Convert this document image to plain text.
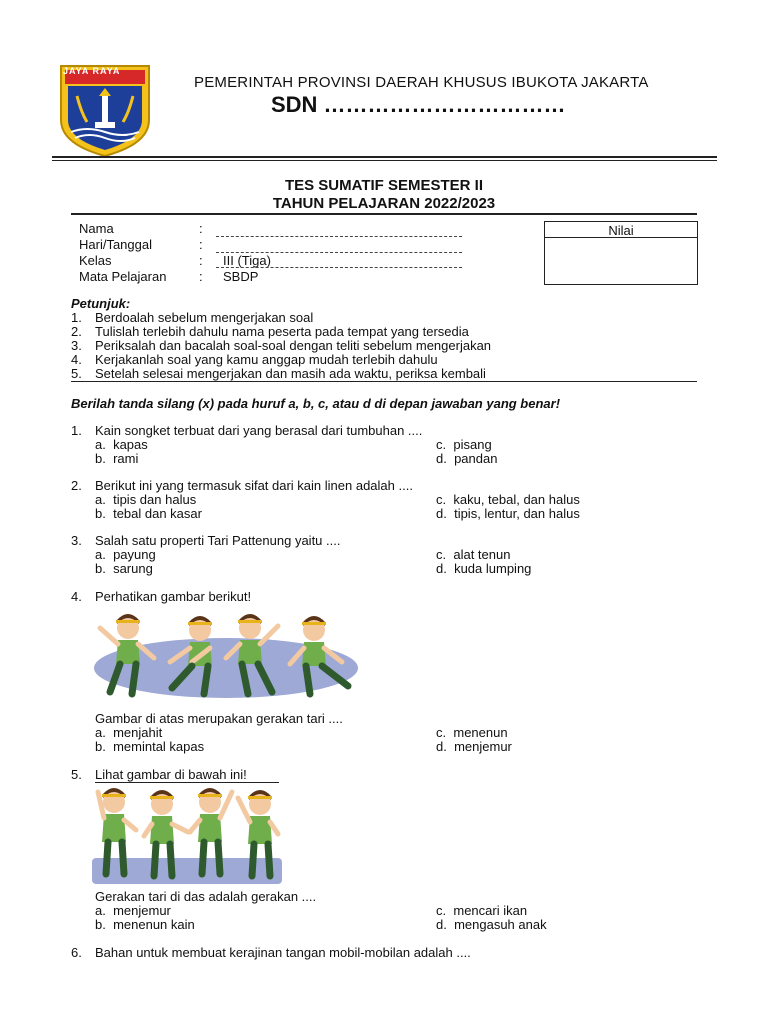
JAYA RAYA
PEMERINTAH PROVINSI DAERAH KHUSUS IBUKOTA JAKARTA
SDN ……………………………
TES SUMATIF SEMESTER II
TAHUN PELAJARAN 2022/2023
Nama	:
Hari/Tanggal	:
Kelas	: III (Tiga)
Mata Pelajaran	: SBDP
Nilai
Petunjuk:
1. Berdoalah sebelum mengerjakan soal
2. Tulislah terlebih dahulu nama peserta pada tempat yang tersedia
3. Periksalah dan bacalah soal-soal dengan teliti sebelum mengerjakan
4. Kerjakanlah soal yang kamu anggap mudah terlebih dahulu
5. Setelah selesai mengerjakan dan masih ada waktu, periksa kembali
Berilah tanda silang (x) pada huruf a, b, c, atau d di depan jawaban yang benar!
1. Kain songket terbuat dari yang berasal dari tumbuhan ....
a. kapas
b. rami
c. pisang
d. pandan
2. Berikut ini yang termasuk sifat dari kain linen adalah ....
a. tipis dan halus
b. tebal dan kasar
c. kaku, tebal, dan halus
d. tipis, lentur, dan halus
3. Salah satu properti Tari Pattenung yaitu ....
a. payung
b. sarung
c. alat tenun
d. kuda lumping
4. Perhatikan gambar berikut!
Gambar di atas merupakan gerakan tari ....
a. menjahit
b. memintal kapas
c. menenun
d. menjemur
5. Lihat gambar di bawah ini!
Gerakan tari di das adalah gerakan ....
a. menjemur
b. menenun kain
c. mencari ikan
d. mengasuh anak
6. Bahan untuk membuat kerajinan tangan mobil-mobilan adalah ....
